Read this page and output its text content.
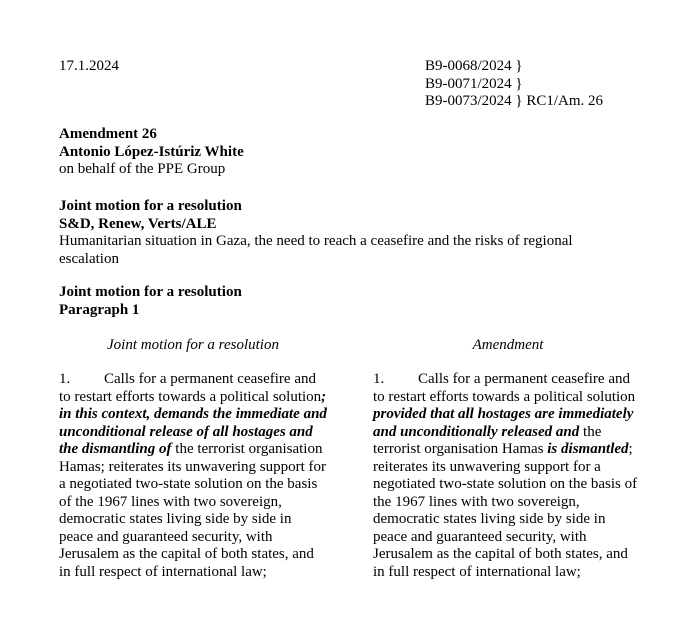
17.1.2024	B9-0068/2024 }
B9-0071/2024 }
B9-0073/2024 } RC1/Am. 26
Amendment 26
Antonio López-Istúriz White
on behalf of the PPE Group
Joint motion for a resolution
S&D, Renew, Verts/ALE
Humanitarian situation in Gaza, the need to reach a ceasefire and the risks of regional escalation
Joint motion for a resolution
Paragraph 1
Joint motion for a resolution	Amendment
1. Calls for a permanent ceasefire and to restart efforts towards a political solution; in this context, demands the immediate and unconditional release of all hostages and the dismantling of the terrorist organisation Hamas; reiterates its unwavering support for a negotiated two-state solution on the basis of the 1967 lines with two sovereign, democratic states living side by side in peace and guaranteed security, with Jerusalem as the capital of both states, and in full respect of international law;
1. Calls for a permanent ceasefire and to restart efforts towards a political solution provided that all hostages are immediately and unconditionally released and the terrorist organisation Hamas is dismantled; reiterates its unwavering support for a negotiated two-state solution on the basis of the 1967 lines with two sovereign, democratic states living side by side in peace and guaranteed security, with Jerusalem as the capital of both states, and in full respect of international law;
